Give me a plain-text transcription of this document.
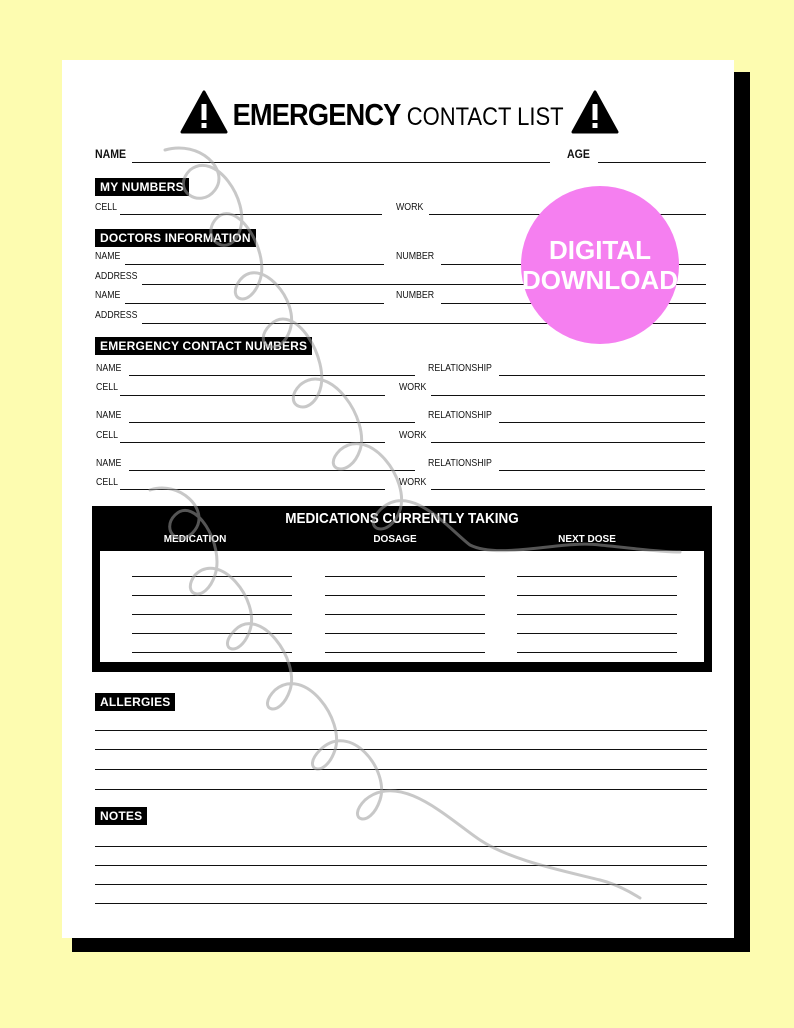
EMERGENCY CONTACT LIST
NAME	AGE
MY NUMBERS
CELL	WORK
DOCTORS INFORMATION
NAME	NUMBER
ADDRESS
NAME	NUMBER
ADDRESS
EMERGENCY CONTACT NUMBERS
NAME	RELATIONSHIP
CELL	WORK
NAME	RELATIONSHIP
CELL	WORK
NAME	RELATIONSHIP
CELL	WORK
MEDICATIONS CURRENTLY TAKING
MEDICATION	DOSAGE	NEXT DOSE
ALLERGIES
NOTES
DIGITAL
DOWNLOAD
